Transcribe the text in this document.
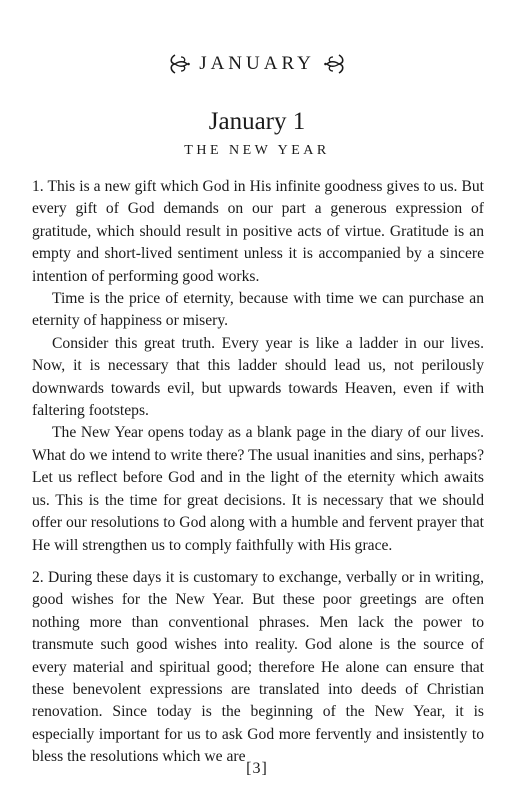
JANUARY
January 1
THE NEW YEAR

1. This is a new gift which God in His infinite goodness gives to us. But every gift of God demands on our part a generous expression of gratitude, which should result in positive acts of virtue. Gratitude is an empty and short-lived sentiment unless it is accompanied by a sincere intention of performing good works.

Time is the price of eternity, because with time we can purchase an eternity of happiness or misery.

Consider this great truth. Every year is like a ladder in our lives. Now, it is necessary that this ladder should lead us, not perilously downwards towards evil, but upwards towards Heaven, even if with faltering footsteps.

The New Year opens today as a blank page in the diary of our lives. What do we intend to write there? The usual inanities and sins, perhaps? Let us reflect before God and in the light of the eternity which awaits us. This is the time for great decisions. It is necessary that we should offer our resolutions to God along with a humble and fervent prayer that He will strengthen us to comply faithfully with His grace.

2. During these days it is customary to exchange, verbally or in writing, good wishes for the New Year. But these poor greetings are often nothing more than conventional phrases. Men lack the power to transmute such good wishes into reality. God alone is the source of every material and spiritual good; therefore He alone can ensure that these benevolent expressions are translated into deeds of Christian renovation. Since today is the beginning of the New Year, it is especially important for us to ask God more fervently and insistently to bless the resolutions which we are

[3]
